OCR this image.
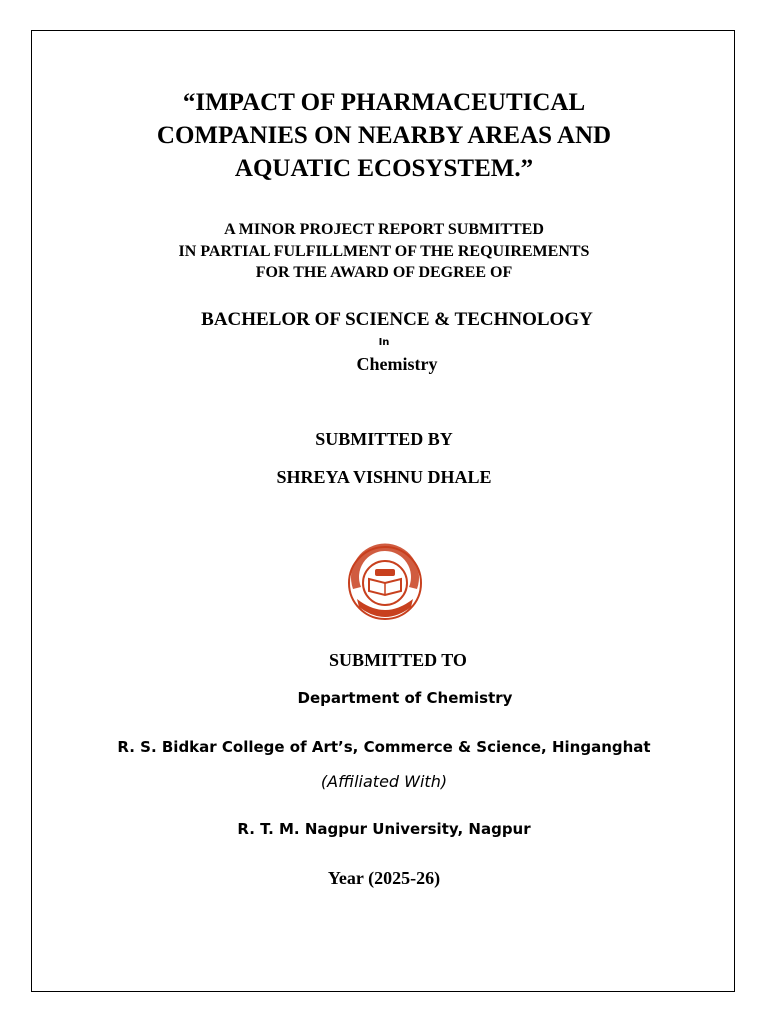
“IMPACT OF PHARMACEUTICAL
COMPANIES ON NEARBY AREAS AND
AQUATIC ECOSYSTEM.”
A MINOR PROJECT REPORT SUBMITTED
IN PARTIAL FULFILLMENT OF THE REQUIREMENTS
FOR THE AWARD OF DEGREE OF
BACHELOR OF SCIENCE & TECHNOLOGY
In
Chemistry
SUBMITTED BY
SHREYA VISHNU DHALE
SUBMITTED TO
Department of Chemistry
R. S. Bidkar College of Art’s, Commerce & Science, Hinganghat
(Affiliated With)
R. T. M. Nagpur University, Nagpur
Year (2025-26)
